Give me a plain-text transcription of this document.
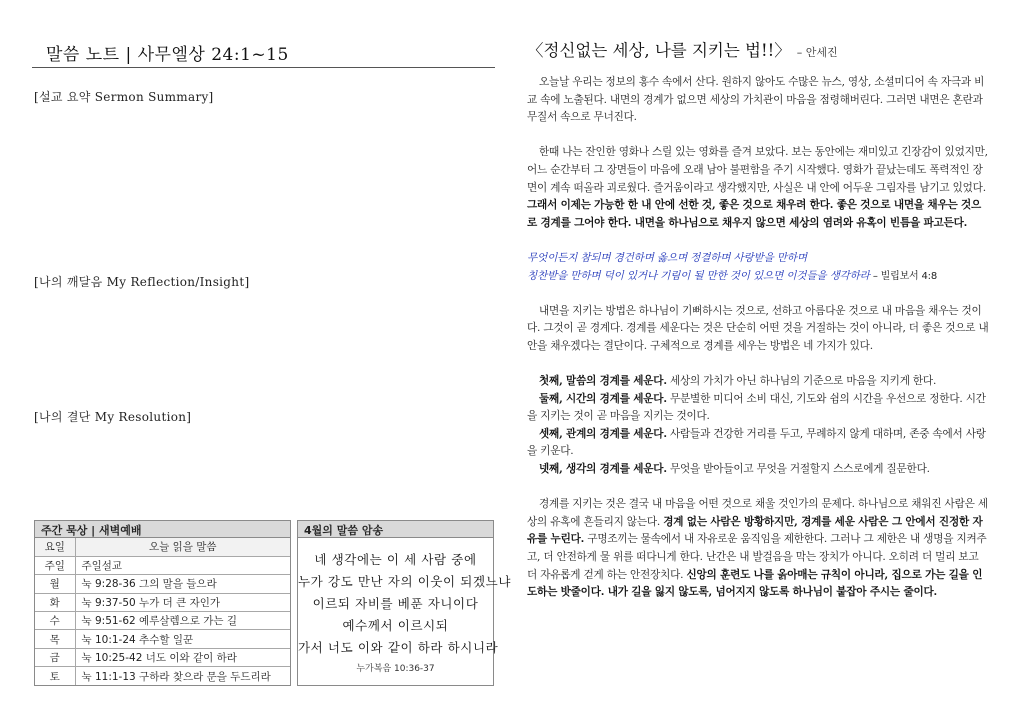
말씀 노트 | 사무엘상 24:1~15
[설교 요약 Sermon Summary]
[나의 깨달음 My Reflection/Insight]
[나의 결단 My Resolution]
주간 묵상 | 새벽예배
요일	오늘 읽을 말씀
주일	주일설교
월	눅 9:28-36 그의 말을 들으라
화	눅 9:37-50 누가 더 큰 자인가
수	눅 9:51-62 예루살렘으로 가는 길
목	눅 10:1-24 추수할 일꾼
금	눅 10:25-42 너도 이와 같이 하라
토	눅 11:1-13 구하라 찾으라 문을 두드리라
4월의 말씀 암송
네 생각에는 이 세 사람 중에
누가 강도 만난 자의 이웃이 되겠느냐
이르되 자비를 베푼 자니이다
예수께서 이르시되
가서 너도 이와 같이 하라 하시니라
누가복음 10:36-37
〈정신없는 세상, 나를 지키는 법!!〉 – 안세진

오늘날 우리는 정보의 홍수 속에서 산다. 원하지 않아도 수많은 뉴스, 영상, 소셜미디어 속 자극과 비교 속에 노출된다. 내면의 경계가 없으면 세상의 가치관이 마음을 점령해버린다. 그러면 내면은 혼란과 무질서 속으로 무너진다.

한때 나는 잔인한 영화나 스릴 있는 영화를 즐겨 보았다. 보는 동안에는 재미있고 긴장감이 있었지만, 어느 순간부터 그 장면들이 마음에 오래 남아 불편함을 주기 시작했다. 영화가 끝났는데도 폭력적인 장면이 계속 떠올라 괴로웠다. 즐거움이라고 생각했지만, 사실은 내 안에 어두운 그림자를 남기고 있었다. 그래서 이제는 가능한 한 내 안에 선한 것, 좋은 것으로 채우려 한다. 좋은 것으로 내면을 채우는 것으로 경계를 그어야 한다. 내면을 하나님으로 채우지 않으면 세상의 염려와 유혹이 빈틈을 파고든다.

무엇이든지 참되며 경건하며 옳으며 정결하며 사랑받을 만하며
칭찬받을 만하며 덕이 있거나 기림이 될 만한 것이 있으면 이것들을 생각하라 – 빌립보서 4:8

내면을 지키는 방법은 하나님이 기뻐하시는 것으로, 선하고 아름다운 것으로 내 마음을 채우는 것이다. 그것이 곧 경계다. 경계를 세운다는 것은 단순히 어떤 것을 거절하는 것이 아니라, 더 좋은 것으로 내 안을 채우겠다는 결단이다. 구체적으로 경계를 세우는 방법은 네 가지가 있다.

첫째, 말씀의 경계를 세운다. 세상의 가치가 아닌 하나님의 기준으로 마음을 지키게 한다.

둘째, 시간의 경계를 세운다. 무분별한 미디어 소비 대신, 기도와 쉼의 시간을 우선으로 정한다. 시간을 지키는 것이 곧 마음을 지키는 것이다.

셋째, 관계의 경계를 세운다. 사람들과 건강한 거리를 두고, 무례하지 않게 대하며, 존중 속에서 사랑을 키운다.

넷째, 생각의 경계를 세운다. 무엇을 받아들이고 무엇을 거절할지 스스로에게 질문한다.

경계를 지키는 것은 결국 내 마음을 어떤 것으로 채울 것인가의 문제다. 하나님으로 채워진 사람은 세상의 유혹에 흔들리지 않는다. 경계 없는 사람은 방황하지만, 경계를 세운 사람은 그 안에서 진정한 자유를 누린다. 구명조끼는 물속에서 내 자유로운 움직임을 제한한다. 그러나 그 제한은 내 생명을 지켜주고, 더 안전하게 물 위를 떠다니게 한다. 난간은 내 발걸음을 막는 장치가 아니다. 오히려 더 멀리 보고 더 자유롭게 걷게 하는 안전장치다. 신앙의 훈련도 나를 옭아매는 규칙이 아니라, 집으로 가는 길을 인도하는 밧줄이다. 내가 길을 잃지 않도록, 넘어지지 않도록 하나님이 붙잡아 주시는 줄이다.
